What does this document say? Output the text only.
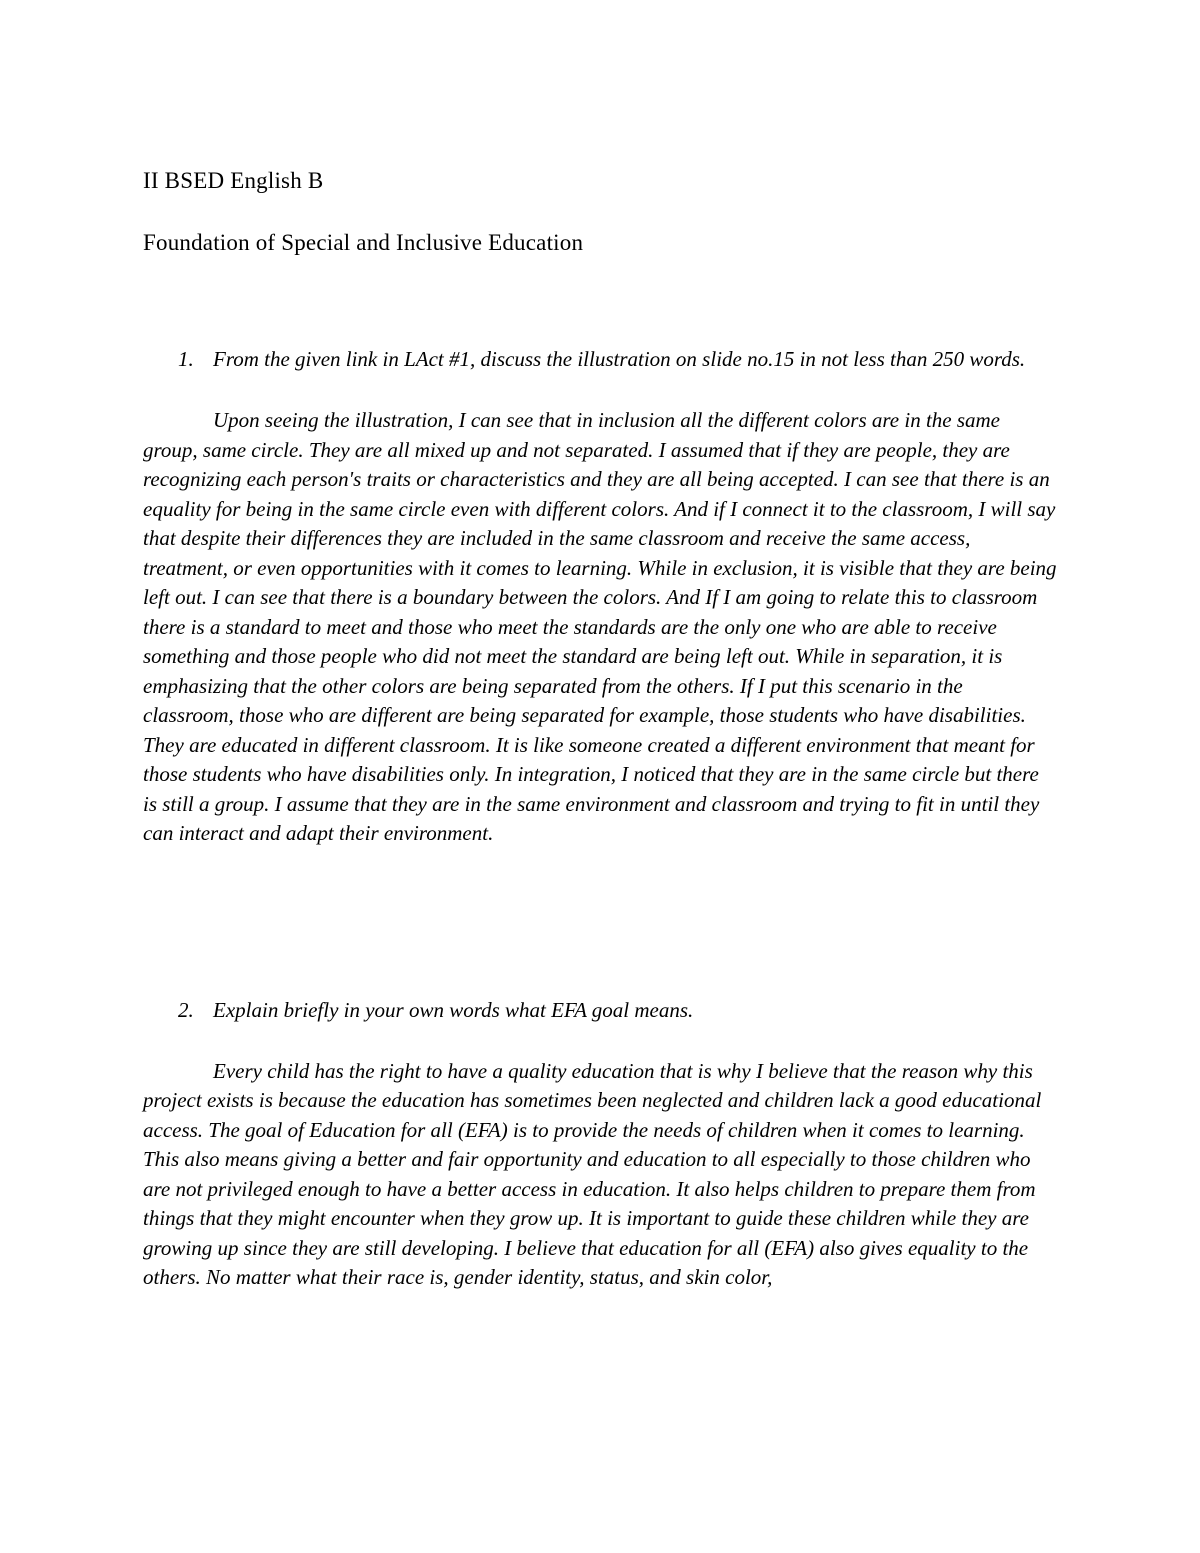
II BSED English B

Foundation of Special and Inclusive Education

1. From the given link in LAct #1, discuss the illustration on slide no.15 in not less than 250 words.

Upon seeing the illustration, I can see that in inclusion all the different colors are in the same group, same circle. They are all mixed up and not separated. I assumed that if they are people, they are recognizing each person's traits or characteristics and they are all being accepted. I can see that there is an equality for being in the same circle even with different colors. And if I connect it to the classroom, I will say that despite their differences they are included in the same classroom and receive the same access, treatment, or even opportunities with it comes to learning. While in exclusion, it is visible that they are being left out. I can see that there is a boundary between the colors. And If I am going to relate this to classroom there is a standard to meet and those who meet the standards are the only one who are able to receive something and those people who did not meet the standard are being left out. While in separation, it is emphasizing that the other colors are being separated from the others. If I put this scenario in the classroom, those who are different are being separated for example, those students who have disabilities. They are educated in different classroom. It is like someone created a different environment that meant for those students who have disabilities only. In integration, I noticed that they are in the same circle but there is still a group. I assume that they are in the same environment and classroom and trying to fit in until they can interact and adapt their environment.

2. Explain briefly in your own words what EFA goal means.

Every child has the right to have a quality education that is why I believe that the reason why this project exists is because the education has sometimes been neglected and children lack a good educational access. The goal of Education for all (EFA) is to provide the needs of children when it comes to learning. This also means giving a better and fair opportunity and education to all especially to those children who are not privileged enough to have a better access in education. It also helps children to prepare them from things that they might encounter when they grow up. It is important to guide these children while they are growing up since they are still developing. I believe that education for all (EFA) also gives equality to the others. No matter what their race is, gender identity, status, and skin color,
